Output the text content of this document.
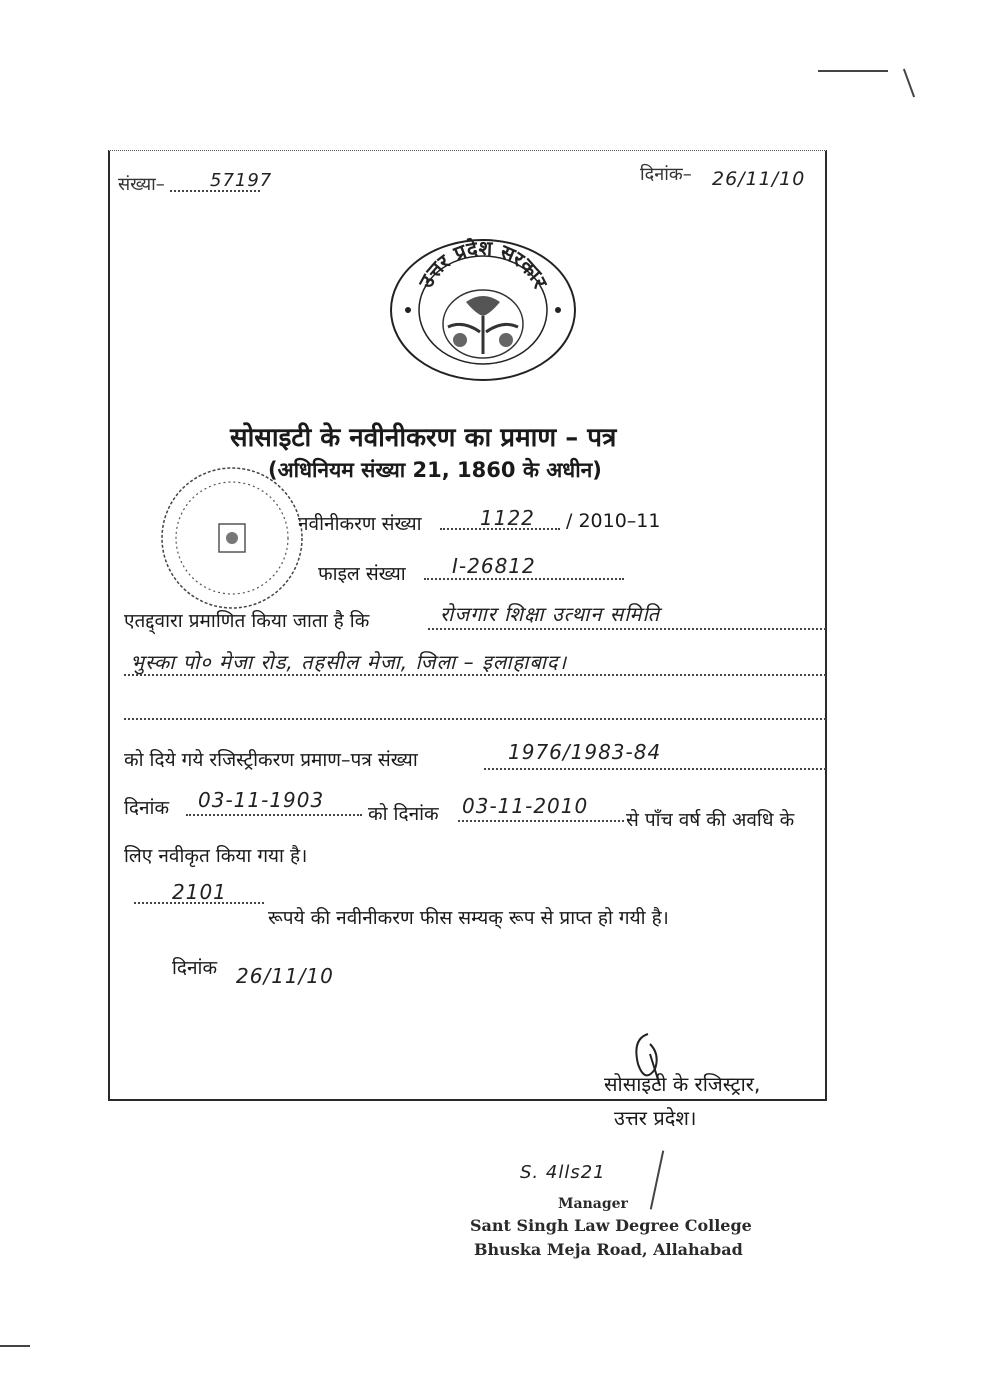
संख्या–	57197	दिनांक– 26/11/10
उत्तर प्रदेश सरकार
सोसाइटी के नवीनीकरण का प्रमाण – पत्र
(अधिनियम संख्या 21, 1860 के अधीन)
नवीनीकरण संख्या	1122 / 2010–11
फाइल संख्या I-26812
एतद्द्वारा प्रमाणित किया जाता है कि	रोजगार शिक्षा उत्थान समिति
भुस्का पो० मेजा रोड, तहसील मेजा, जिला – इलाहाबाद।
को दिये गये रजिस्ट्रीकरण प्रमाण–पत्र संख्या	1976/1983-84
दिनांक 03-11-1903
को दिनांक 03-11-2010
से पाँच वर्ष की अवधि के
लिए नवीकृत किया गया है।
2101
रूपये की नवीनीकरण फीस सम्यक् रूप से प्राप्त हो गयी है।
दिनांक 26/11/10
सोसाइटी के रजिस्ट्रार,
उत्तर प्रदेश।
S. 4lls21
Manager
Sant Singh Law Degree College
Bhuska Meja Road, Allahabad
